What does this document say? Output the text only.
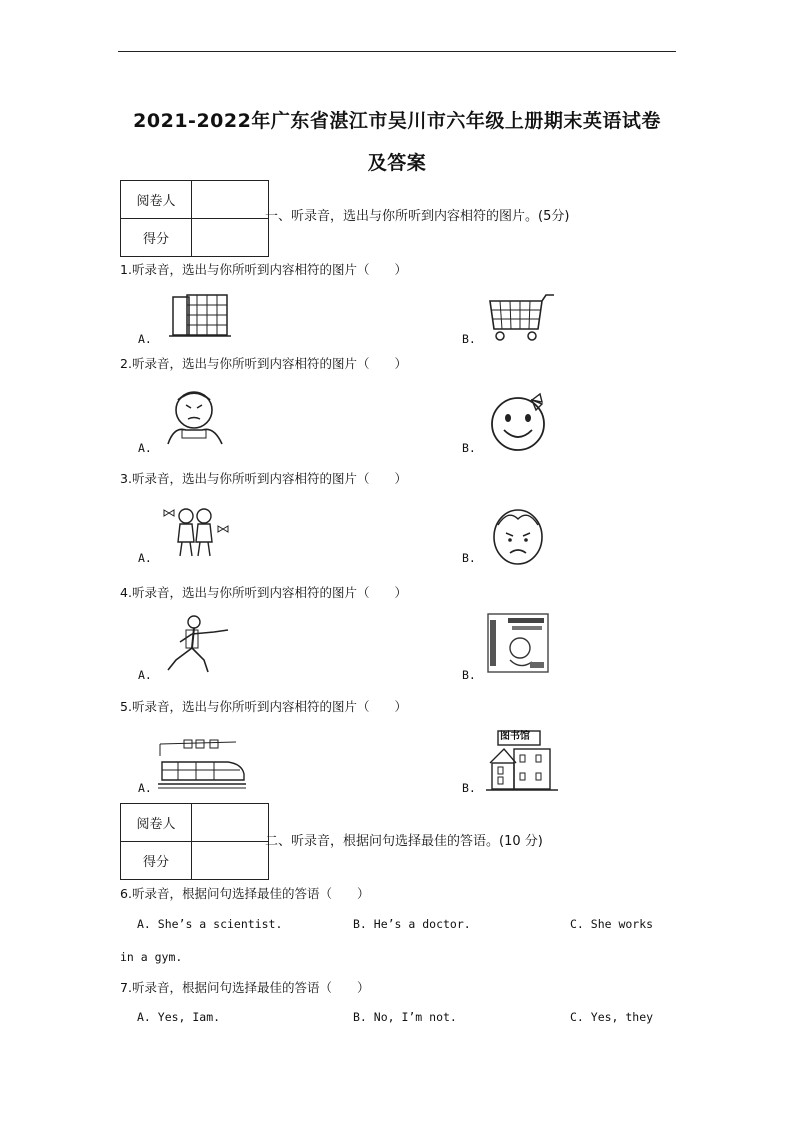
2021-2022年广东省湛江市吴川市六年级上册期末英语试卷
及答案
阅卷人	
得分	
一、听录音，选出与你所听到内容相符的图片。(5分)
1.听录音，选出与你所听到内容相符的图片（　　）
A.	B.
2.听录音，选出与你所听到内容相符的图片（　　）
A.	B.
3.听录音，选出与你所听到内容相符的图片（　　）
A.	B.
4.听录音，选出与你所听到内容相符的图片（　　）
A.	B.
5.听录音，选出与你所听到内容相符的图片（　　）
A.	B.
图书馆
阅卷人	
得分	
二、听录音，根据问句选择最佳的答语。(10 分)
6.听录音，根据问句选择最佳的答语（　　）
A. She’s a scientist.	B. He’s a doctor.	C. She works
in a gym.
7.听录音，根据问句选择最佳的答语（　　）
A. Yes, Iam.	B. No, I’m not.	C. Yes, they
